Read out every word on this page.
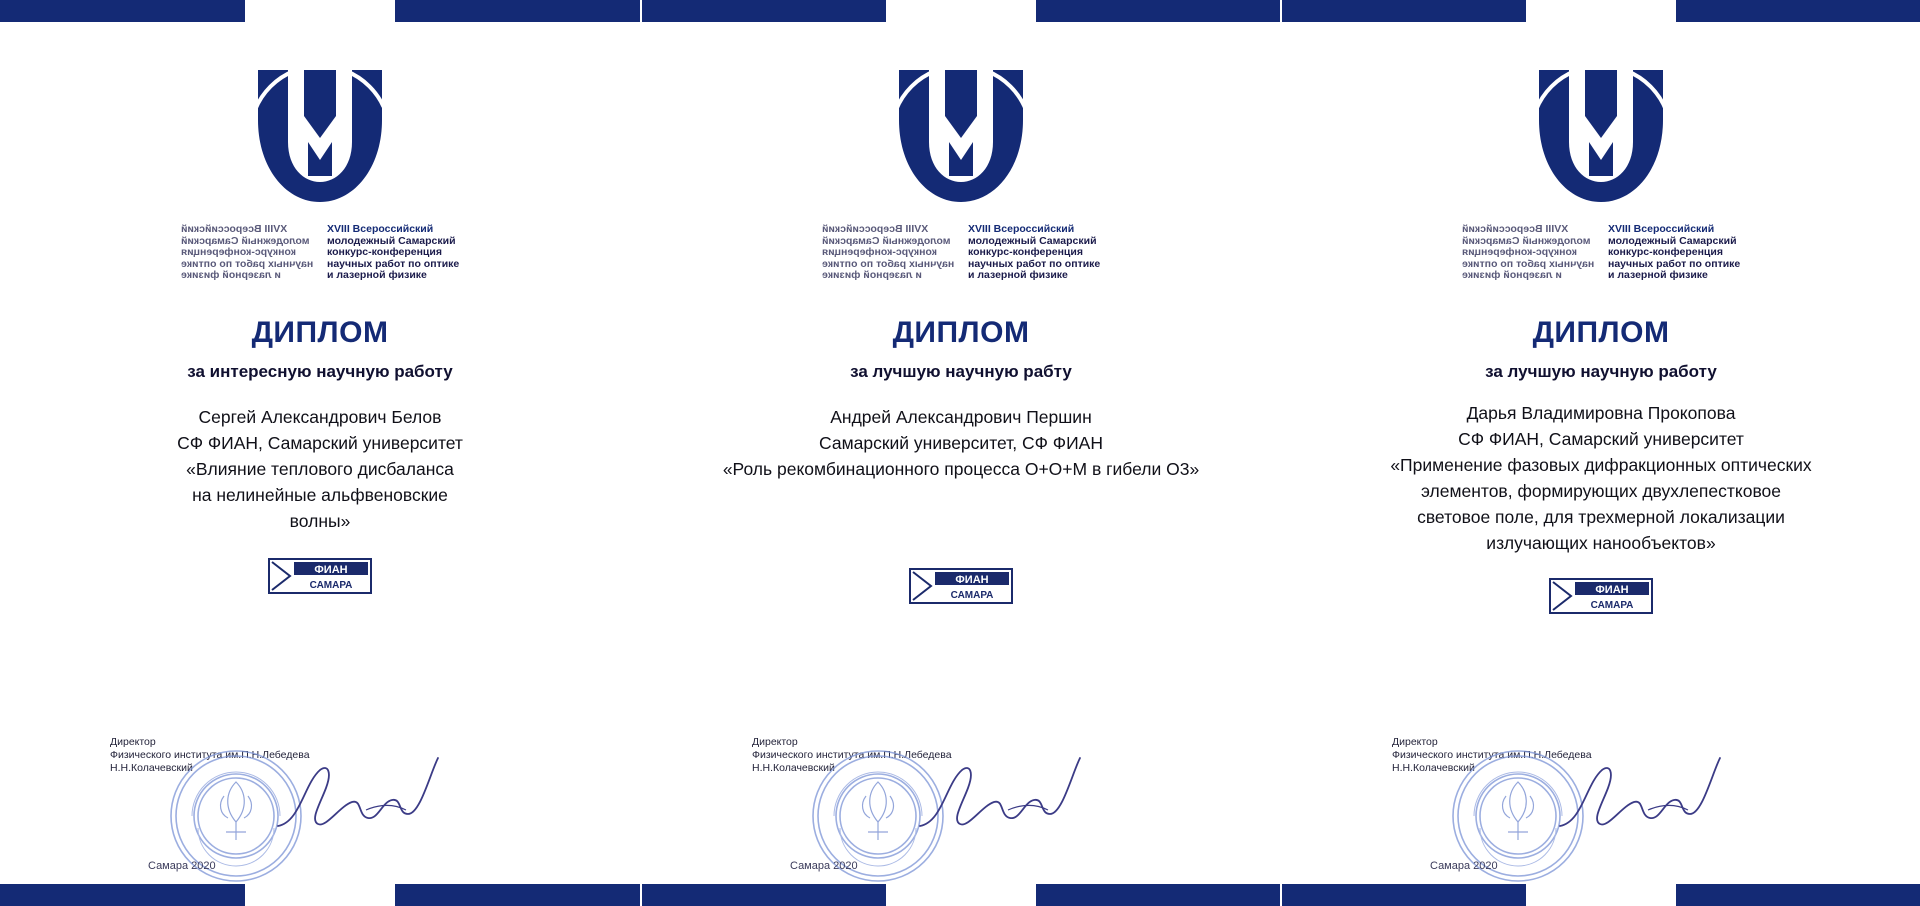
XVIII Всероссийский
молодежный Самарский
конкурс-конференция
научных работ по оптике
и лазерной физике
XVIII Всероссийский
молодежный Самарский
конкурс-конференция
научных работ по оптике
и лазерной физике
ДИПЛОМ
за интересную научную работу
Сергей Александрович Белов
СФ ФИАН, Самарский университет
«Влияние теплового дисбаланса
на нелинейные альфвеновские
волны»
ФИАН
САМАРА
Директор
Физического института им.П.Н.Лебедева
Н.Н.Колачевский
Самара 2020
XVIII Всероссийский
молодежный Самарский
конкурс-конференция
научных работ по оптике
и лазерной физике
XVIII Всероссийский
молодежный Самарский
конкурс-конференция
научных работ по оптике
и лазерной физике
ДИПЛОМ
за лучшую научную рабту
Андрей Александрович Першин
Самарский университет, СФ ФИАН
«Роль рекомбинационного процесса O+O+M в гибели O3»
ФИАН
САМАРА
Директор
Физического института им.П.Н.Лебедева
Н.Н.Колачевский
Самара 2020
XVIII Всероссийский
молодежный Самарский
конкурс-конференция
научных работ по оптике
и лазерной физике
XVIII Всероссийский
молодежный Самарский
конкурс-конференция
научных работ по оптике
и лазерной физике
ДИПЛОМ
за лучшую научную работу
Дарья Владимировна Прокопова
СФ ФИАН, Самарский университет
«Применение фазовых дифракционных оптических
элементов, формирующих двухлепестковое
световое поле, для трехмерной локализации
излучающих нанообъектов»
ФИАН
САМАРА
Директор
Физического института им.П.Н.Лебедева
Н.Н.Колачевский
Самара 2020
